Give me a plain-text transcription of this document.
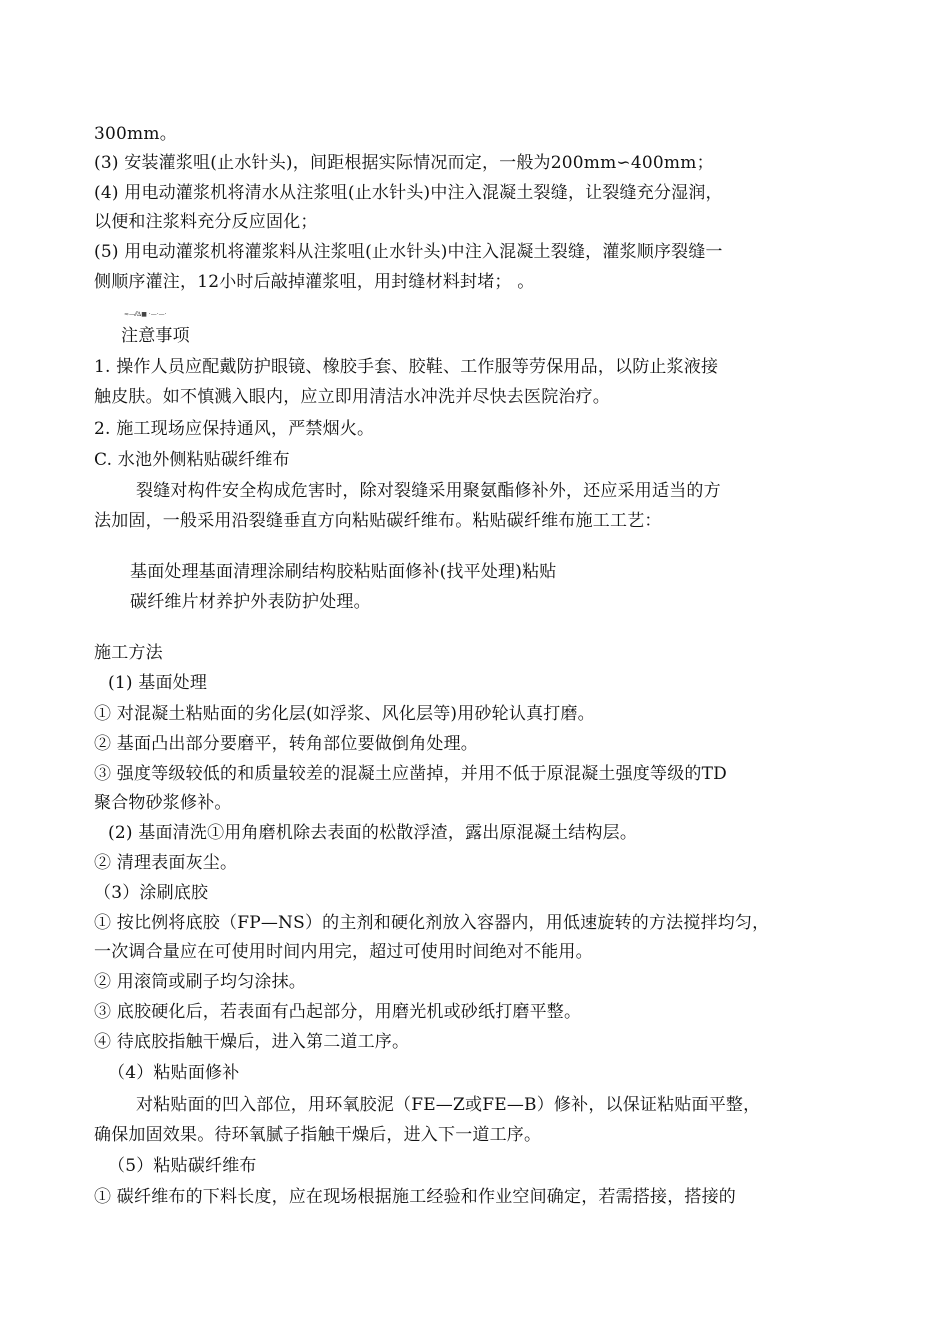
≈—⁄⁄∆■ ·—·—·
300mm。
(3) 安装灌浆咀(止水针头)，间距根据实际情况而定，一般为200mm∽400mm；
(4) 用电动灌浆机将清水从注浆咀(止水针头)中注入混凝土裂缝，让裂缝充分湿润，
以便和注浆料充分反应固化；
(5) 用电动灌浆机将灌浆料从注浆咀(止水针头)中注入混凝土裂缝，灌浆顺序裂缝一
侧顺序灌注，12小时后敲掉灌浆咀，用封缝材料封堵； 。
注意事项
1. 操作人员应配戴防护眼镜、橡胶手套、胶鞋、工作服等劳保用品，以防止浆液接
触皮肤。如不慎溅入眼内，应立即用清洁水冲洗并尽快去医院治疗。
2. 施工现场应保持通风，严禁烟火。
C. 水池外侧粘贴碳纤维布
裂缝对构件安全构成危害时，除对裂缝采用聚氨酯修补外，还应采用适当的方
法加固，一般采用沿裂缝垂直方向粘贴碳纤维布。粘贴碳纤维布施工工艺：
基面处理基面清理涂刷结构胶粘贴面修补(找平处理)粘贴
碳纤维片材养护外表防护处理。
施工方法
(1) 基面处理
① 对混凝土粘贴面的劣化层(如浮浆、风化层等)用砂轮认真打磨。
② 基面凸出部分要磨平，转角部位要做倒角处理。
③ 强度等级较低的和质量较差的混凝土应凿掉，并用不低于原混凝土强度等级的TD
聚合物砂浆修补。
(2) 基面清洗①用角磨机除去表面的松散浮渣，露出原混凝土结构层。
② 清理表面灰尘。
（3）涂刷底胶
① 按比例将底胶（FP—NS）的主剂和硬化剂放入容器内，用低速旋转的方法搅拌均匀，
一次调合量应在可使用时间内用完，超过可使用时间绝对不能用。
② 用滚筒或刷子均匀涂抹。
③ 底胶硬化后，若表面有凸起部分，用磨光机或砂纸打磨平整。
④ 待底胶指触干燥后，进入第二道工序。
（4）粘贴面修补
对粘贴面的凹入部位，用环氧胶泥（FE—Z或FE—B）修补，以保证粘贴面平整，
确保加固效果。待环氧腻子指触干燥后，进入下一道工序。
（5）粘贴碳纤维布
① 碳纤维布的下料长度，应在现场根据施工经验和作业空间确定，若需搭接，搭接的
